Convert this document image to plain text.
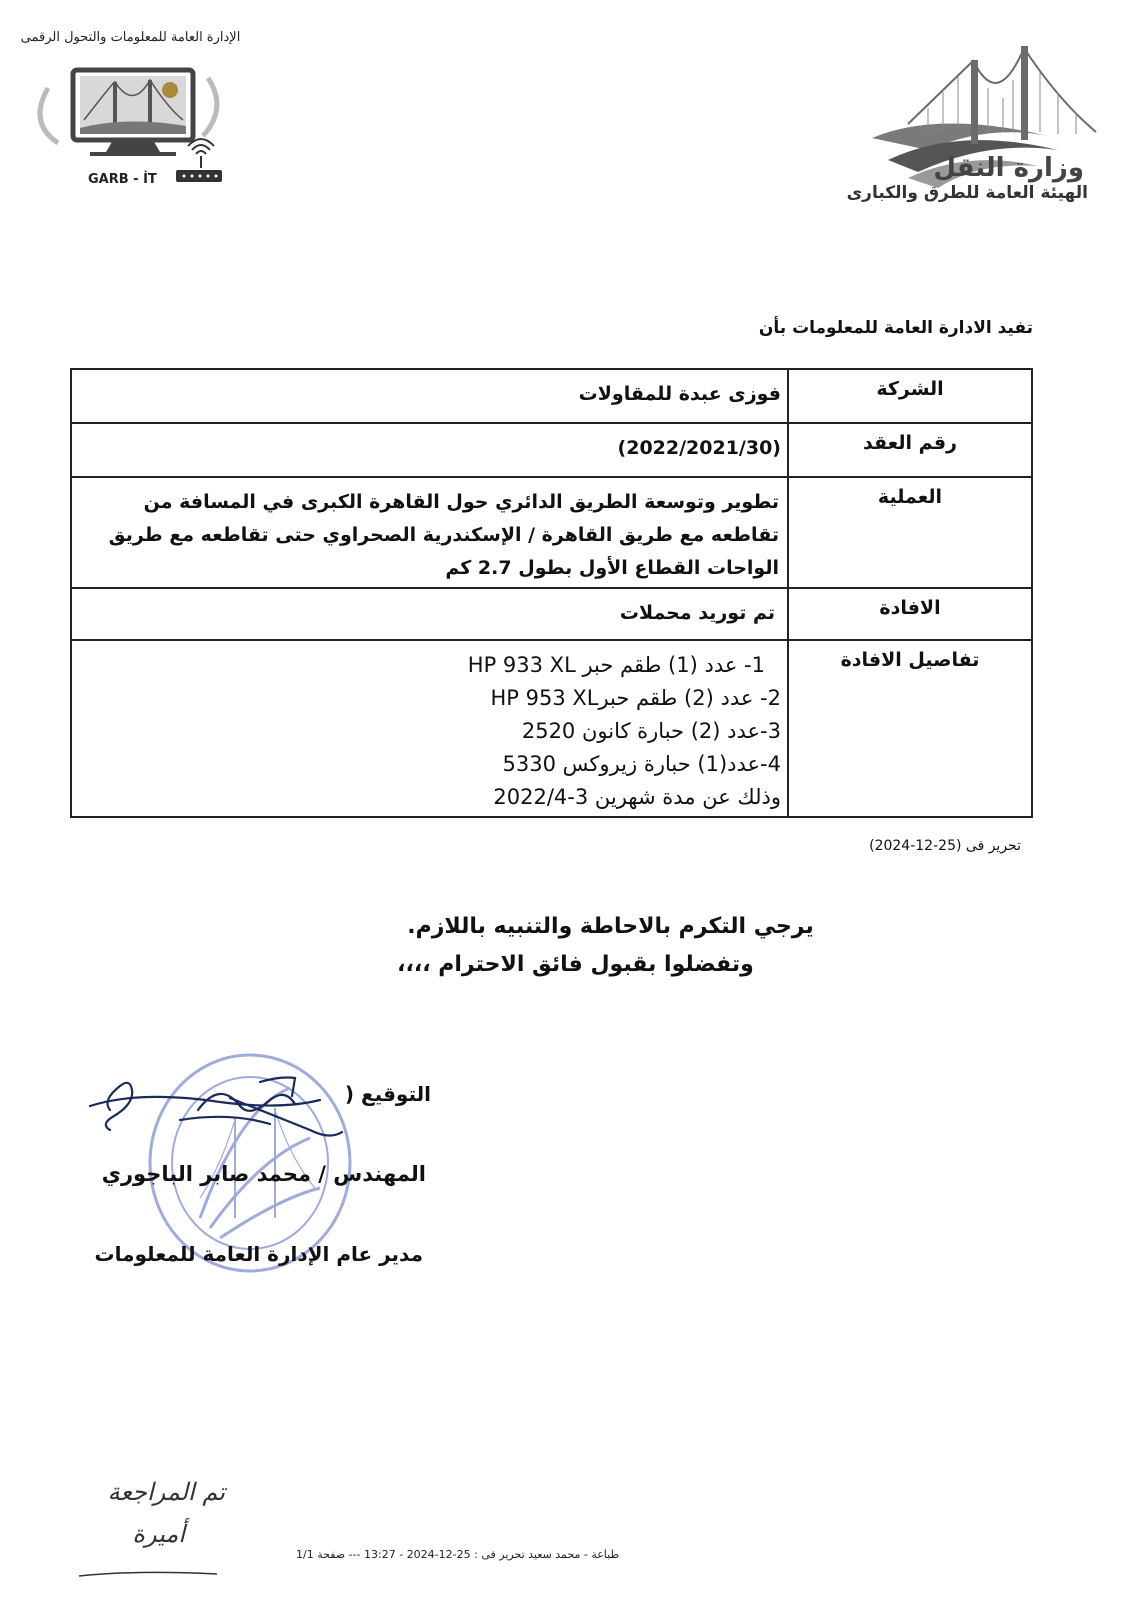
وزارة النقل
الهيئة العامة للطرق والكبارى
الإدارة العامة للمعلومات والتحول الرقمى
GARB - İT
تفيد الادارة العامة للمعلومات بأن
الشركة	فوزى عبدة للمقاولات
رقم العقد	(2022/2021/30)
العملية	تطوير وتوسعة الطريق الدائري حول القاهرة الكبرى في المسافة من تقاطعه مع طريق القاهرة / الإسكندرية الصحراوي حتى تقاطعه مع طريق الواحات القطاع الأول بطول 2.7 كم
الافادة	تم توريد محملات
تفاصيل الافادة	1- عدد (1) طقم حبر HP 933 XL
2- عدد (2) طقم حبرHP 953 XL
3-عدد (2) حبارة كانون 2520
4-عدد(1) حبارة زيروكس 5330
وذلك عن مدة شهرين 3-2022/4
تحرير فى (25-12-2024)
يرجي التكرم بالاحاطة والتنبيه باللازم.
وتفضلوا بقبول فائق الاحترام ،،،،
التوقيع (
المهندس / محمد صابر الباجوري
مدير عام الإدارة العامة للمعلومات
تم المراجعة
أميرة
طباعة - محمد سعيد تحرير فى : 25-12-2024 - 13:27 --- صفحة 1/1
